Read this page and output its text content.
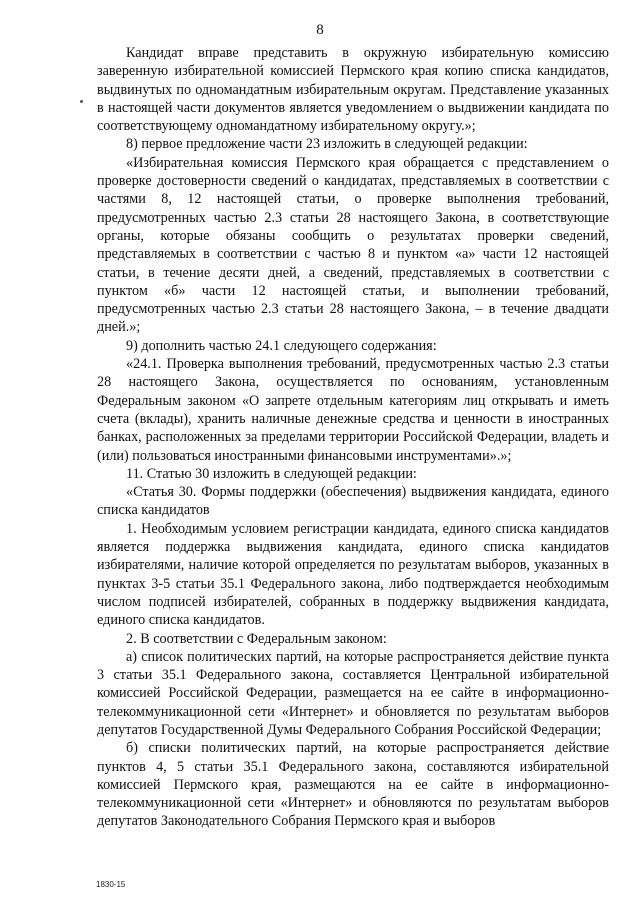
8

Кандидат вправе представить в окружную избирательную комиссию заверенную избирательной комиссией Пермского края копию списка кандидатов, выдвинутых по одномандатным избирательным округам. Представление указанных в настоящей части документов является уведомлением о выдвижении кандидата по соответствующему одномандатному избирательному округу.»;

8) первое предложение части 23 изложить в следующей редакции:

«Избирательная комиссия Пермского края обращается с представлением о проверке достоверности сведений о кандидатах, представляемых в соответствии с частями 8, 12 настоящей статьи, о проверке выполнения требований, предусмотренных частью 2.3 статьи 28 настоящего Закона, в соответствующие органы, которые обязаны сообщить о результатах проверки сведений, представляемых в соответствии с частью 8 и пунктом «а» части 12 настоящей статьи, в течение десяти дней, а сведений, представляемых в соответствии с пунктом «б» части 12 настоящей статьи, и выполнении требований, предусмотренных частью 2.3 статьи 28 настоящего Закона, – в течение двадцати дней.»;

9) дополнить частью 24.1 следующего содержания:

«24.1. Проверка выполнения требований, предусмотренных частью 2.3 статьи 28 настоящего Закона, осуществляется по основаниям, установленным Федеральным законом «О запрете отдельным категориям лиц открывать и иметь счета (вклады), хранить наличные денежные средства и ценности в иностранных банках, расположенных за пределами территории Российской Федерации, владеть и (или) пользоваться иностранными финансовыми инструментами».»;

11. Статью 30 изложить в следующей редакции:

«Статья 30. Формы поддержки (обеспечения) выдвижения кандидата, единого списка кандидатов

1. Необходимым условием регистрации кандидата, единого списка кандидатов является поддержка выдвижения кандидата, единого списка кандидатов избирателями, наличие которой определяется по результатам выборов, указанных в пунктах 3-5 статьи 35.1 Федерального закона, либо подтверждается необходимым числом подписей избирателей, собранных в поддержку выдвижения кандидата, единого списка кандидатов.

2. В соответствии с Федеральным законом:

а) список политических партий, на которые распространяется действие пункта 3 статьи 35.1 Федерального закона, составляется Центральной избирательной комиссией Российской Федерации, размещается на ее сайте в информационно-телекоммуникационной сети «Интернет» и обновляется по результатам выборов депутатов Государственной Думы Федерального Собрания Российской Федерации;

б) списки политических партий, на которые распространяется действие пунктов 4, 5 статьи 35.1 Федерального закона, составляются избирательной комиссией Пермского края, размещаются на ее сайте в информационно-телекоммуникационной сети «Интернет» и обновляются по результатам выборов депутатов Законодательного Собрания Пермского края и выборов

1830-15
